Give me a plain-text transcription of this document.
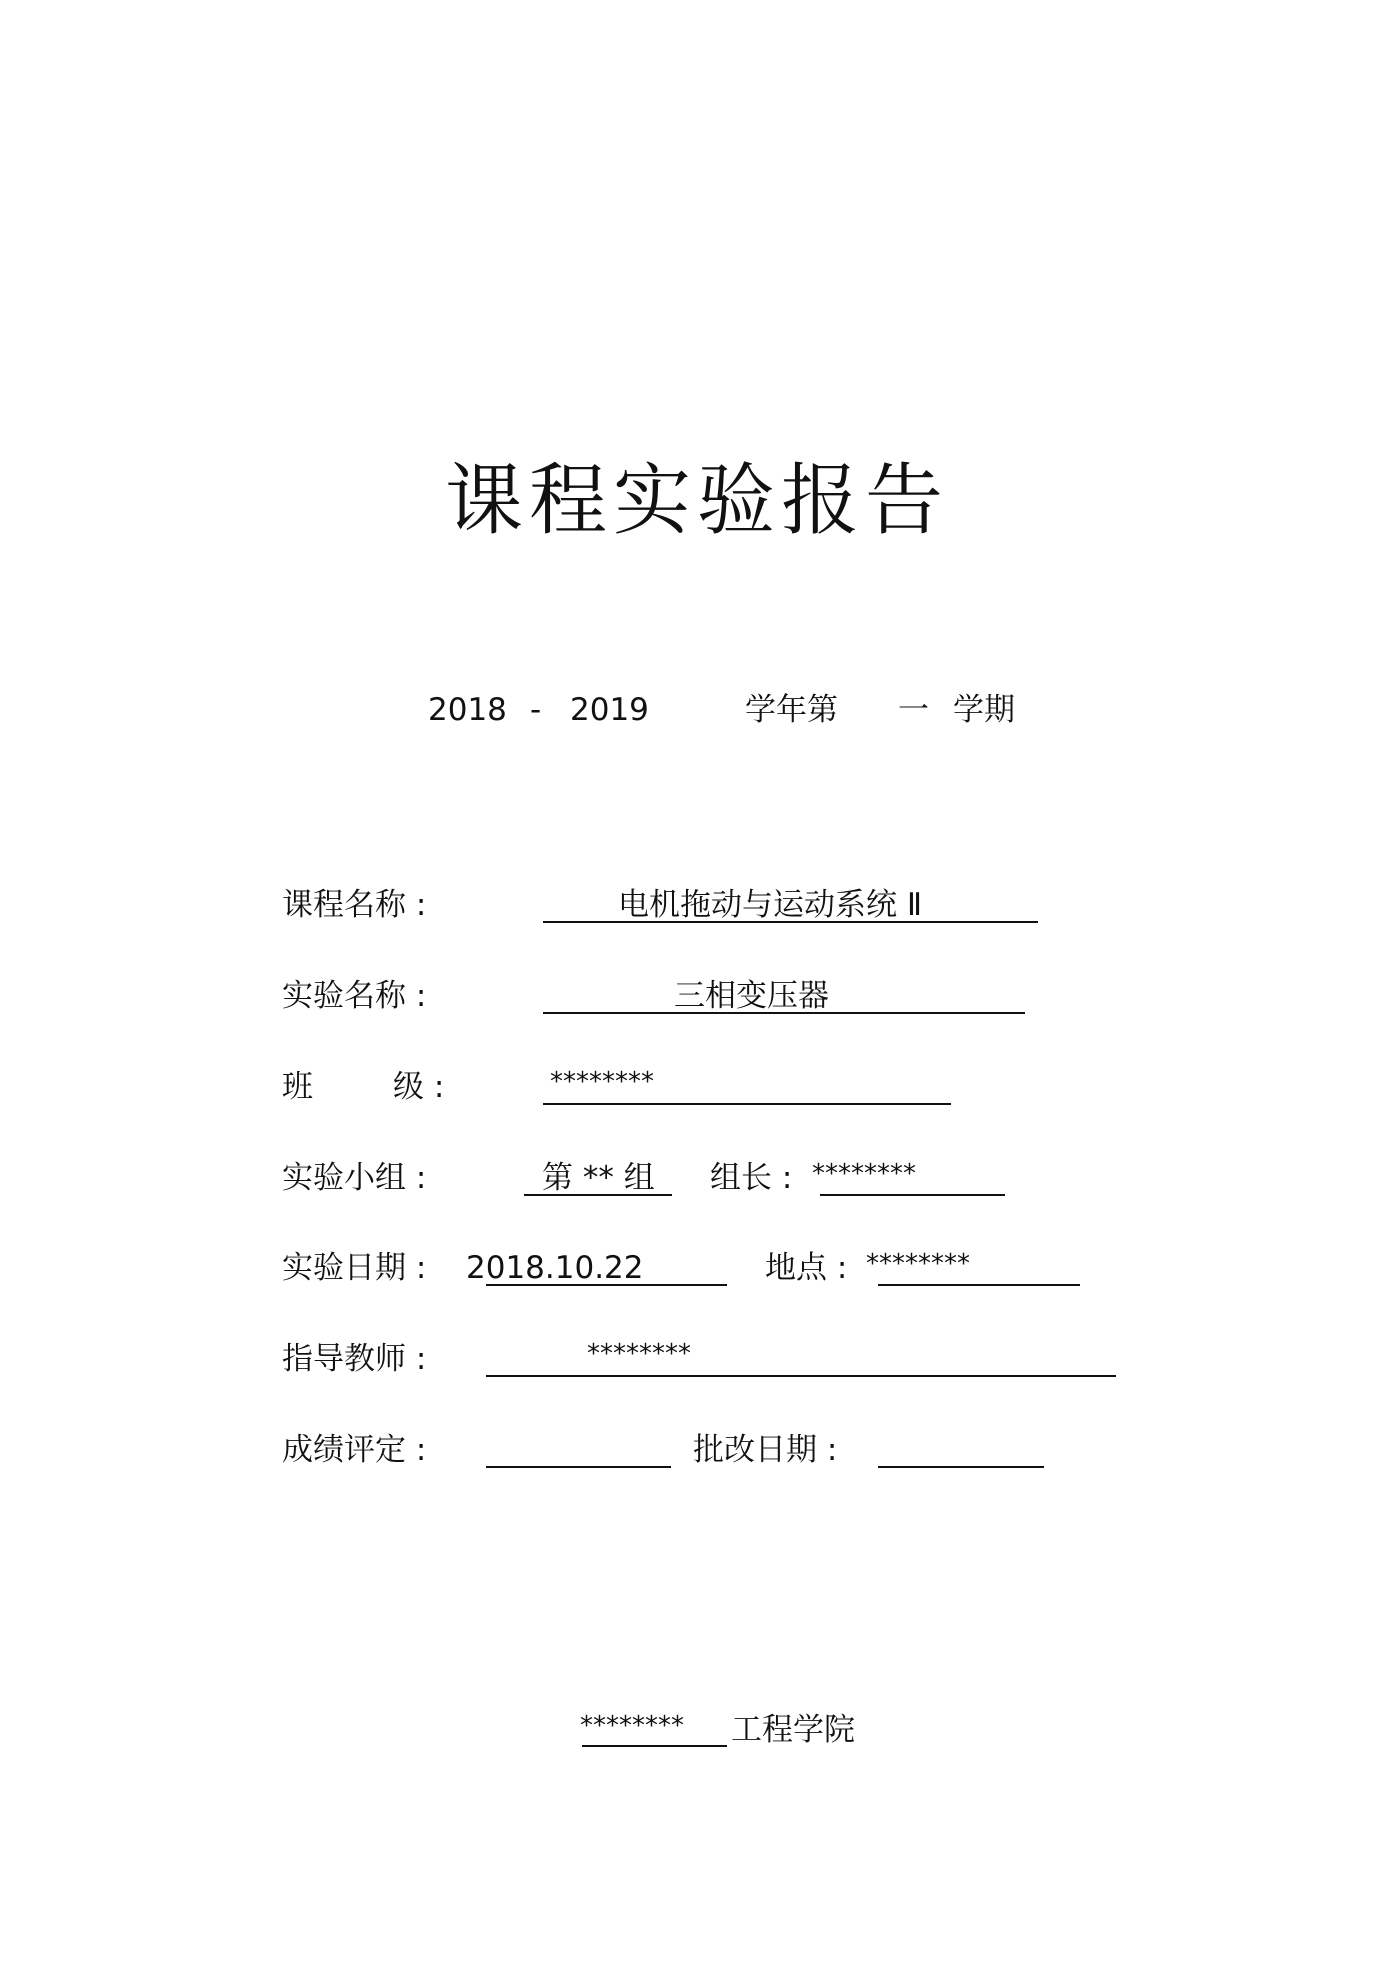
课程实验报告
2018 - 2019	学年第 一 学期
课程名称 :	电机拖动与运动系统 Ⅱ
实验名称 :	三相变压器
班	级 :	********
实验小组 :	第 ** 组 组长 : ********
实验日期 : 2018.10.22	地点 : ********
指导教师 :	********
成绩评定 :	批改日期 :
******** 工程学院
